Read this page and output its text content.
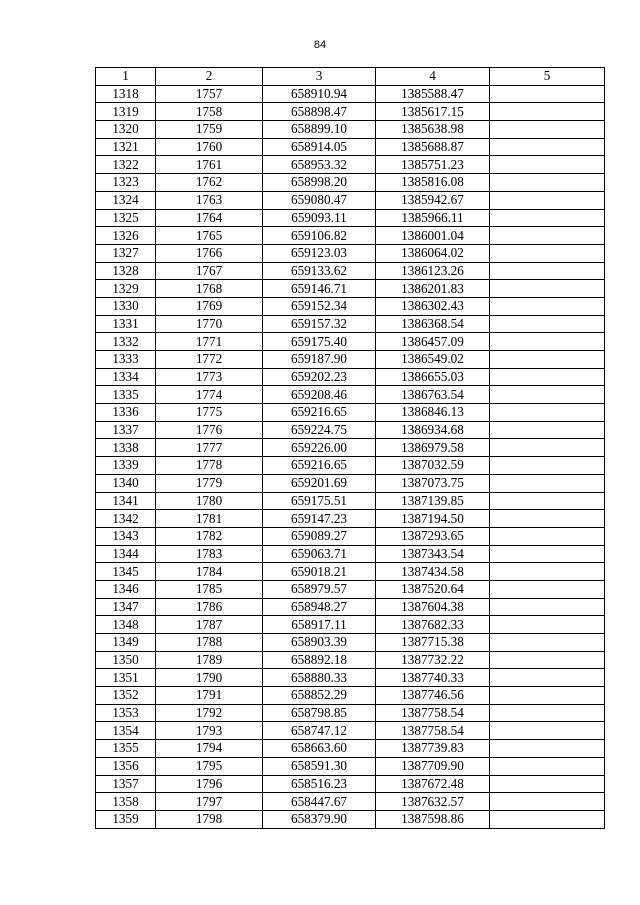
84
1	2	3	4	5
1318	1757	658910.94	1385588.47	
1319	1758	658898.47	1385617.15	
1320	1759	658899.10	1385638.98	
1321	1760	658914.05	1385688.87	
1322	1761	658953.32	1385751.23	
1323	1762	658998.20	1385816.08	
1324	1763	659080.47	1385942.67	
1325	1764	659093.11	1385966.11	
1326	1765	659106.82	1386001.04	
1327	1766	659123.03	1386064.02	
1328	1767	659133.62	1386123.26	
1329	1768	659146.71	1386201.83	
1330	1769	659152.34	1386302.43	
1331	1770	659157.32	1386368.54	
1332	1771	659175.40	1386457.09	
1333	1772	659187.90	1386549.02	
1334	1773	659202.23	1386655.03	
1335	1774	659208.46	1386763.54	
1336	1775	659216.65	1386846.13	
1337	1776	659224.75	1386934.68	
1338	1777	659226.00	1386979.58	
1339	1778	659216.65	1387032.59	
1340	1779	659201.69	1387073.75	
1341	1780	659175.51	1387139.85	
1342	1781	659147.23	1387194.50	
1343	1782	659089.27	1387293.65	
1344	1783	659063.71	1387343.54	
1345	1784	659018.21	1387434.58	
1346	1785	658979.57	1387520.64	
1347	1786	658948.27	1387604.38	
1348	1787	658917.11	1387682.33	
1349	1788	658903.39	1387715.38	
1350	1789	658892.18	1387732.22	
1351	1790	658880.33	1387740.33	
1352	1791	658852.29	1387746.56	
1353	1792	658798.85	1387758.54	
1354	1793	658747.12	1387758.54	
1355	1794	658663.60	1387739.83	
1356	1795	658591.30	1387709.90	
1357	1796	658516.23	1387672.48	
1358	1797	658447.67	1387632.57	
1359	1798	658379.90	1387598.86	
